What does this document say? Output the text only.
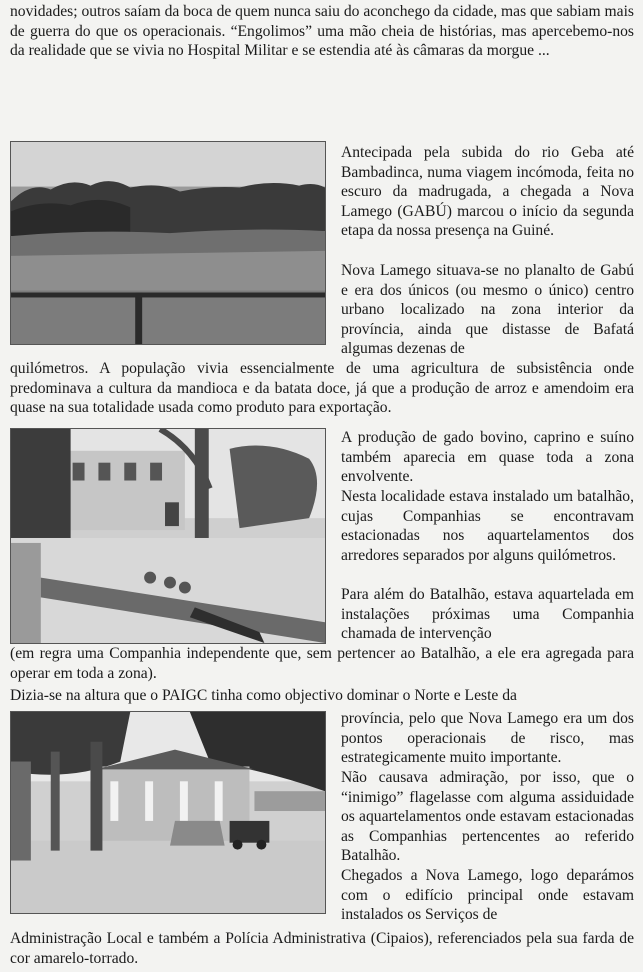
novidades; outros saíam da boca de quem nunca saiu do aconchego da cidade, mas que sabiam mais de guerra do que os operacionais. “Engolimos” uma mão cheia de histórias, mas apercebemo-nos da realidade que se vivia no Hospital Militar e se estendia até às câmaras da morgue ...

Antecipada pela subida do rio Geba até Bambadinca, numa viagem incómoda, feita no escuro da madrugada, a chegada a Nova Lamego (GABÚ) marcou o início da segunda etapa da nossa presença na Guiné.

Nova Lamego situava-se no planalto de Gabú e era dos únicos (ou mesmo o único) centro urbano localizado na zona interior da província, ainda que distasse de Bafatá algumas dezenas de

quilómetros. A população vivia essencialmente de uma agricultura de subsistência onde predominava a cultura da mandioca e da batata doce, já que a produção de arroz e amendoim era quase na sua totalidade usada como produto para exportação.

A produção de gado bovino, caprino e suíno também aparecia em quase toda a zona envolvente.

Nesta localidade estava instalado um batalhão, cujas Companhias se encontravam estacionadas nos aquartelamentos dos arredores separados por alguns quilómetros.

Para além do Batalhão, estava aquartelada em instalações próximas uma Companhia chamada de intervenção

(em regra uma Companhia independente que, sem pertencer ao Batalhão, a ele era agregada para operar em toda a zona).

Dizia-se na altura que o PAIGC tinha como objectivo dominar o Norte e Leste da

província, pelo que Nova Lamego era um dos pontos operacionais de risco, mas estrategicamente muito importante.

Não causava admiração, por isso, que o “inimigo” flagelasse com alguma assiduidade os aquartelamentos onde estavam estacionadas as Companhias pertencentes ao referido Batalhão.

Chegados a Nova Lamego, logo deparámos com o edifício principal onde estavam instalados os Serviços de

Administração Local e também a Polícia Administrativa (Cipaios), referenciados pela sua farda de cor amarelo-torrado.
